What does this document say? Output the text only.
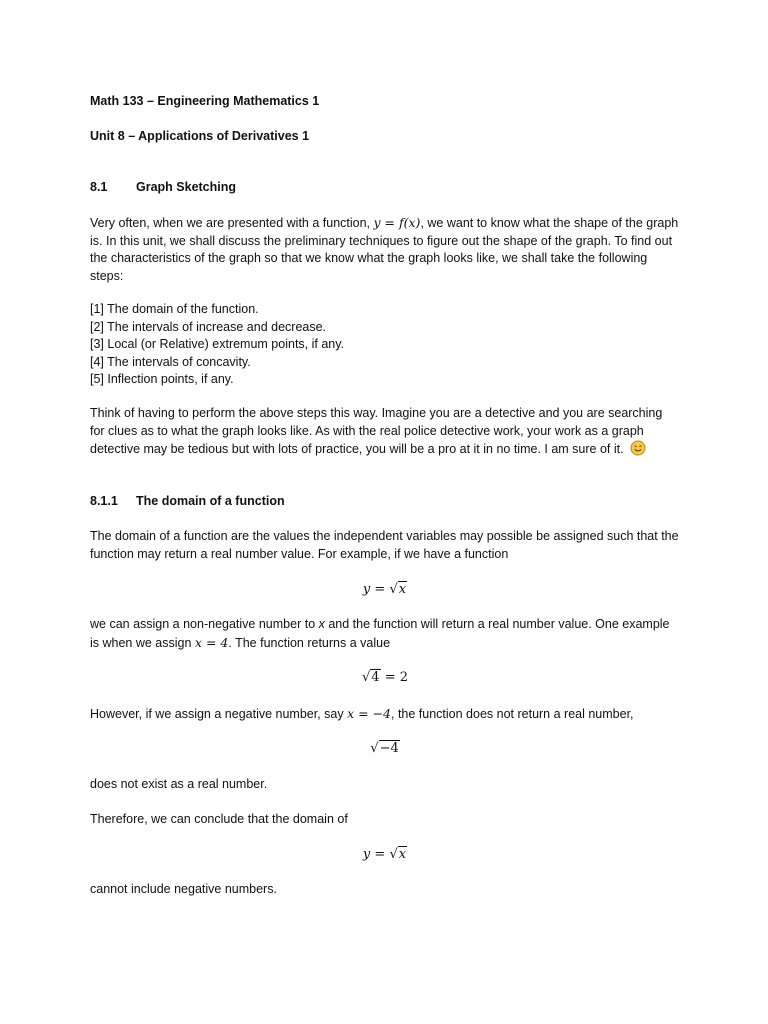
Math 133 – Engineering Mathematics 1

Unit 8 – Applications of Derivatives 1

8.1 Graph Sketching

Very often, when we are presented with a function, y = f(x), we want to know what the shape of the graph is. In this unit, we shall discuss the preliminary techniques to figure out the shape of the graph. To find out the characteristics of the graph so that we know what the graph looks like, we shall take the following steps:

[1] The domain of the function.
[2] The intervals of increase and decrease.
[3] Local (or Relative) extremum points, if any.
[4] The intervals of concavity.
[5] Inflection points, if any.

Think of having to perform the above steps this way. Imagine you are a detective and you are searching for clues as to what the graph looks like. As with the real police detective work, your work as a graph detective may be tedious but with lots of practice, you will be a pro at it in no time. I am sure of it.

8.1.1 The domain of a function

The domain of a function are the values the independent variables may possible be assigned such that the function may return a real number value. For example, if we have a function

y = √x

we can assign a non-negative number to x and the function will return a real number value. One example is when we assign x = 4. The function returns a value

√4 = 2

However, if we assign a negative number, say x = −4, the function does not return a real number,

√−4

does not exist as a real number.

Therefore, we can conclude that the domain of

y = √x

cannot include negative numbers.
